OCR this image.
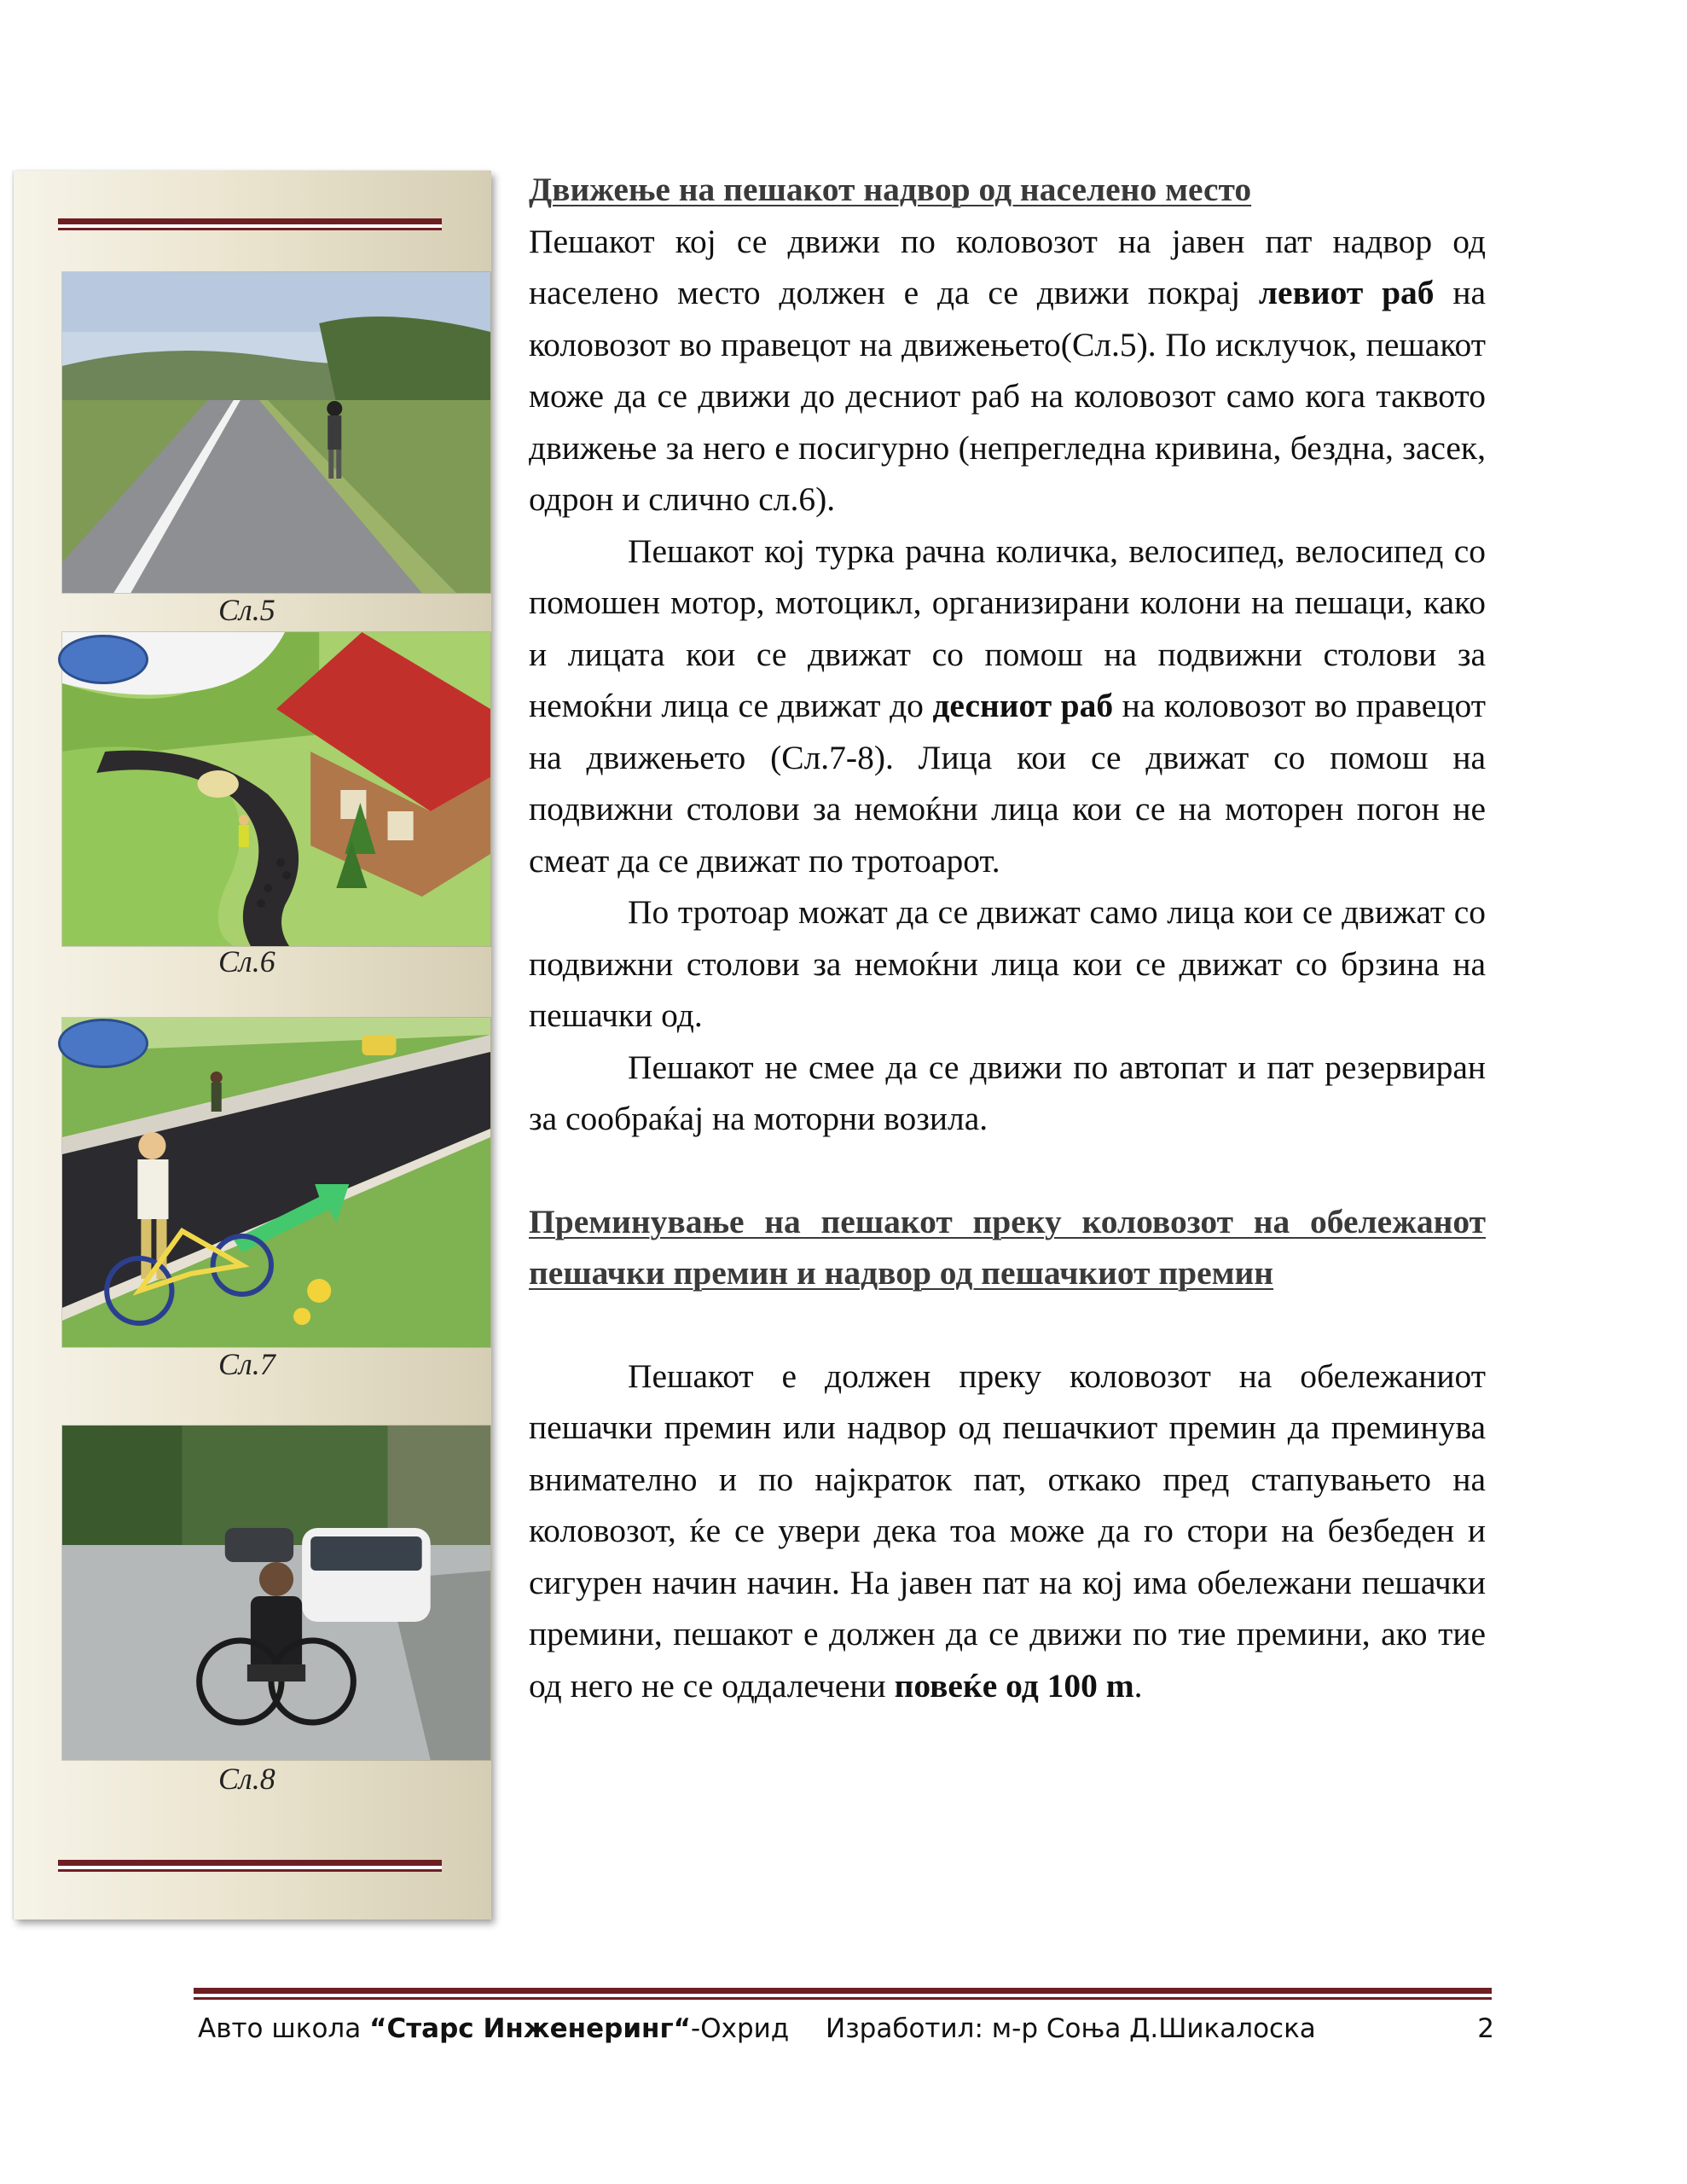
Сл.5
Сл.6
Сл.7
Сл.8

Движење на пешакот надвор од населено место

Пешакот кој се движи по коловозот на јавен пат надвор од населено место должен е да се движи покрај левиот раб на коловозот во правецот на движењето(Сл.5). По исклучок, пешакот може да се движи до десниот раб на коловозот само кога таквото движење за него е посигурно (непрегледна кривина, бездна, засек, одрон и слично сл.6).

Пешакот кој турка рачна количка, велосипед, велосипед со помошен мотор, мотоцикл, организирани колони на пешаци, како и лицата кои се движат со помош на подвижни столови за немоќни лица се движат до десниот раб на коловозот во правецот на движењето (Сл.7-8). Лица кои се движат со помош на подвижни столови за немоќни лица кои се на моторен погон не смеат да се движат по тротоарот.

По тротоар можат да се движат само лица кои се движат со подвижни столови за немоќни лица кои се движат со брзина на пешачки од.

Пешакот не смее да се движи по автопат и пат резервиран за сообраќај на моторни возила.

Преминување на пешакот преку коловозот на обележанот пешачки премин и надвор од пешачкиот премин

Пешакот е должен преку коловозот на обележаниот пешачки премин или надвор од пешачкиот премин да преминува внимателно и по најкраток пат, откако пред стапувањето на коловозот, ќе се увери дека тоа може да го стори на безбеден и сигурен начин начин. На јавен пат на кој има обележани пешачки премини, пешакот е должен да се движи по тие премини, ако тие од него не се оддалечени повеќе од 100 m.

Авто школа “Старс Инженеринг“-Охрид Изработил: м-р Соња Д.Шикалоска	2
